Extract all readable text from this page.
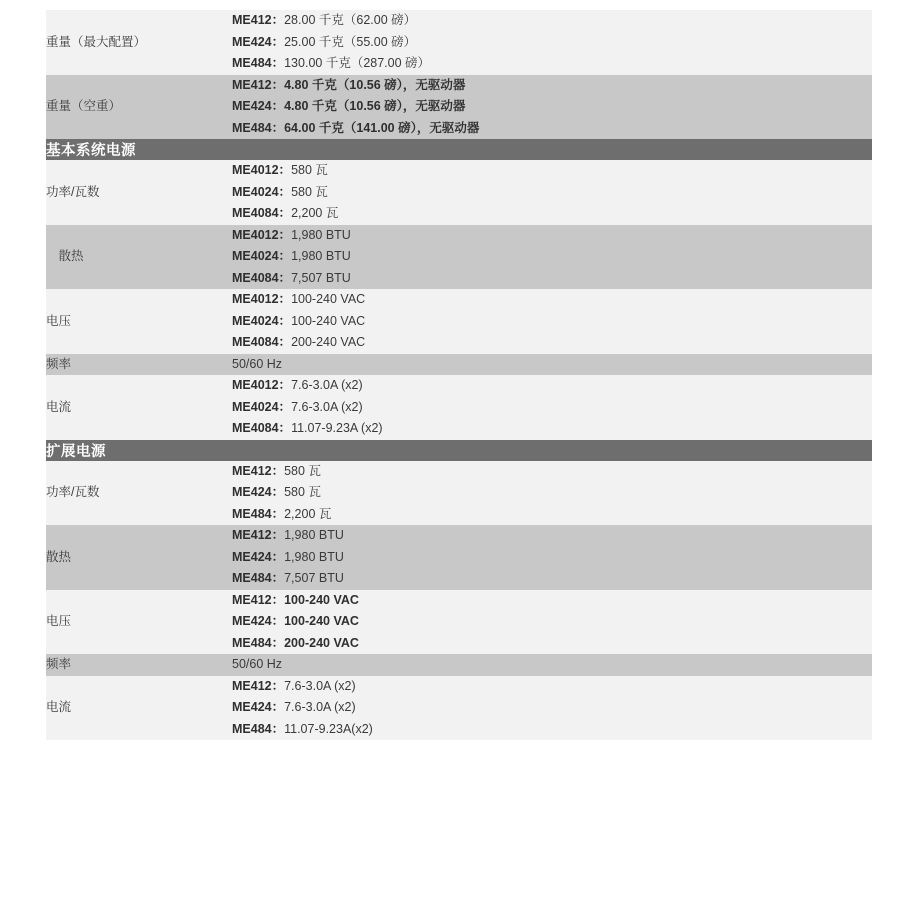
重量（最大配置）	ME412：28.00 千克（62.00 磅）
ME424：25.00 千克（55.00 磅）
ME484：130.00 千克（287.00 磅）

重量（空重）	ME412：4.80 千克（10.56 磅），无驱动器
ME424：4.80 千克（10.56 磅），无驱动器
ME484：64.00 千克（141.00 磅），无驱动器

基本系统电源	
功率/瓦数	ME4012：580 瓦
ME4024：580 瓦
ME4084：2,200 瓦

　散热	ME4012：1,980 BTU
ME4024：1,980 BTU
ME4084：7,507 BTU

电压	ME4012：100-240 VAC
ME4024：100-240 VAC
ME4084：200-240 VAC

频率	50/60 Hz

电流	ME4012：7.6-3.0A (x2)
ME4024：7.6-3.0A (x2)
ME4084：11.07-9.23A (x2)

扩展电源	
功率/瓦数	ME412：580 瓦
ME424：580 瓦
ME484：2,200 瓦

散热	ME412：1,980 BTU
ME424：1,980 BTU
ME484：7,507 BTU

电压	ME412：100-240 VAC
ME424：100-240 VAC
ME484：200-240 VAC

频率	50/60 Hz

电流	ME412：7.6-3.0A (x2)
ME424：7.6-3.0A (x2)
ME484：11.07-9.23A(x2)
